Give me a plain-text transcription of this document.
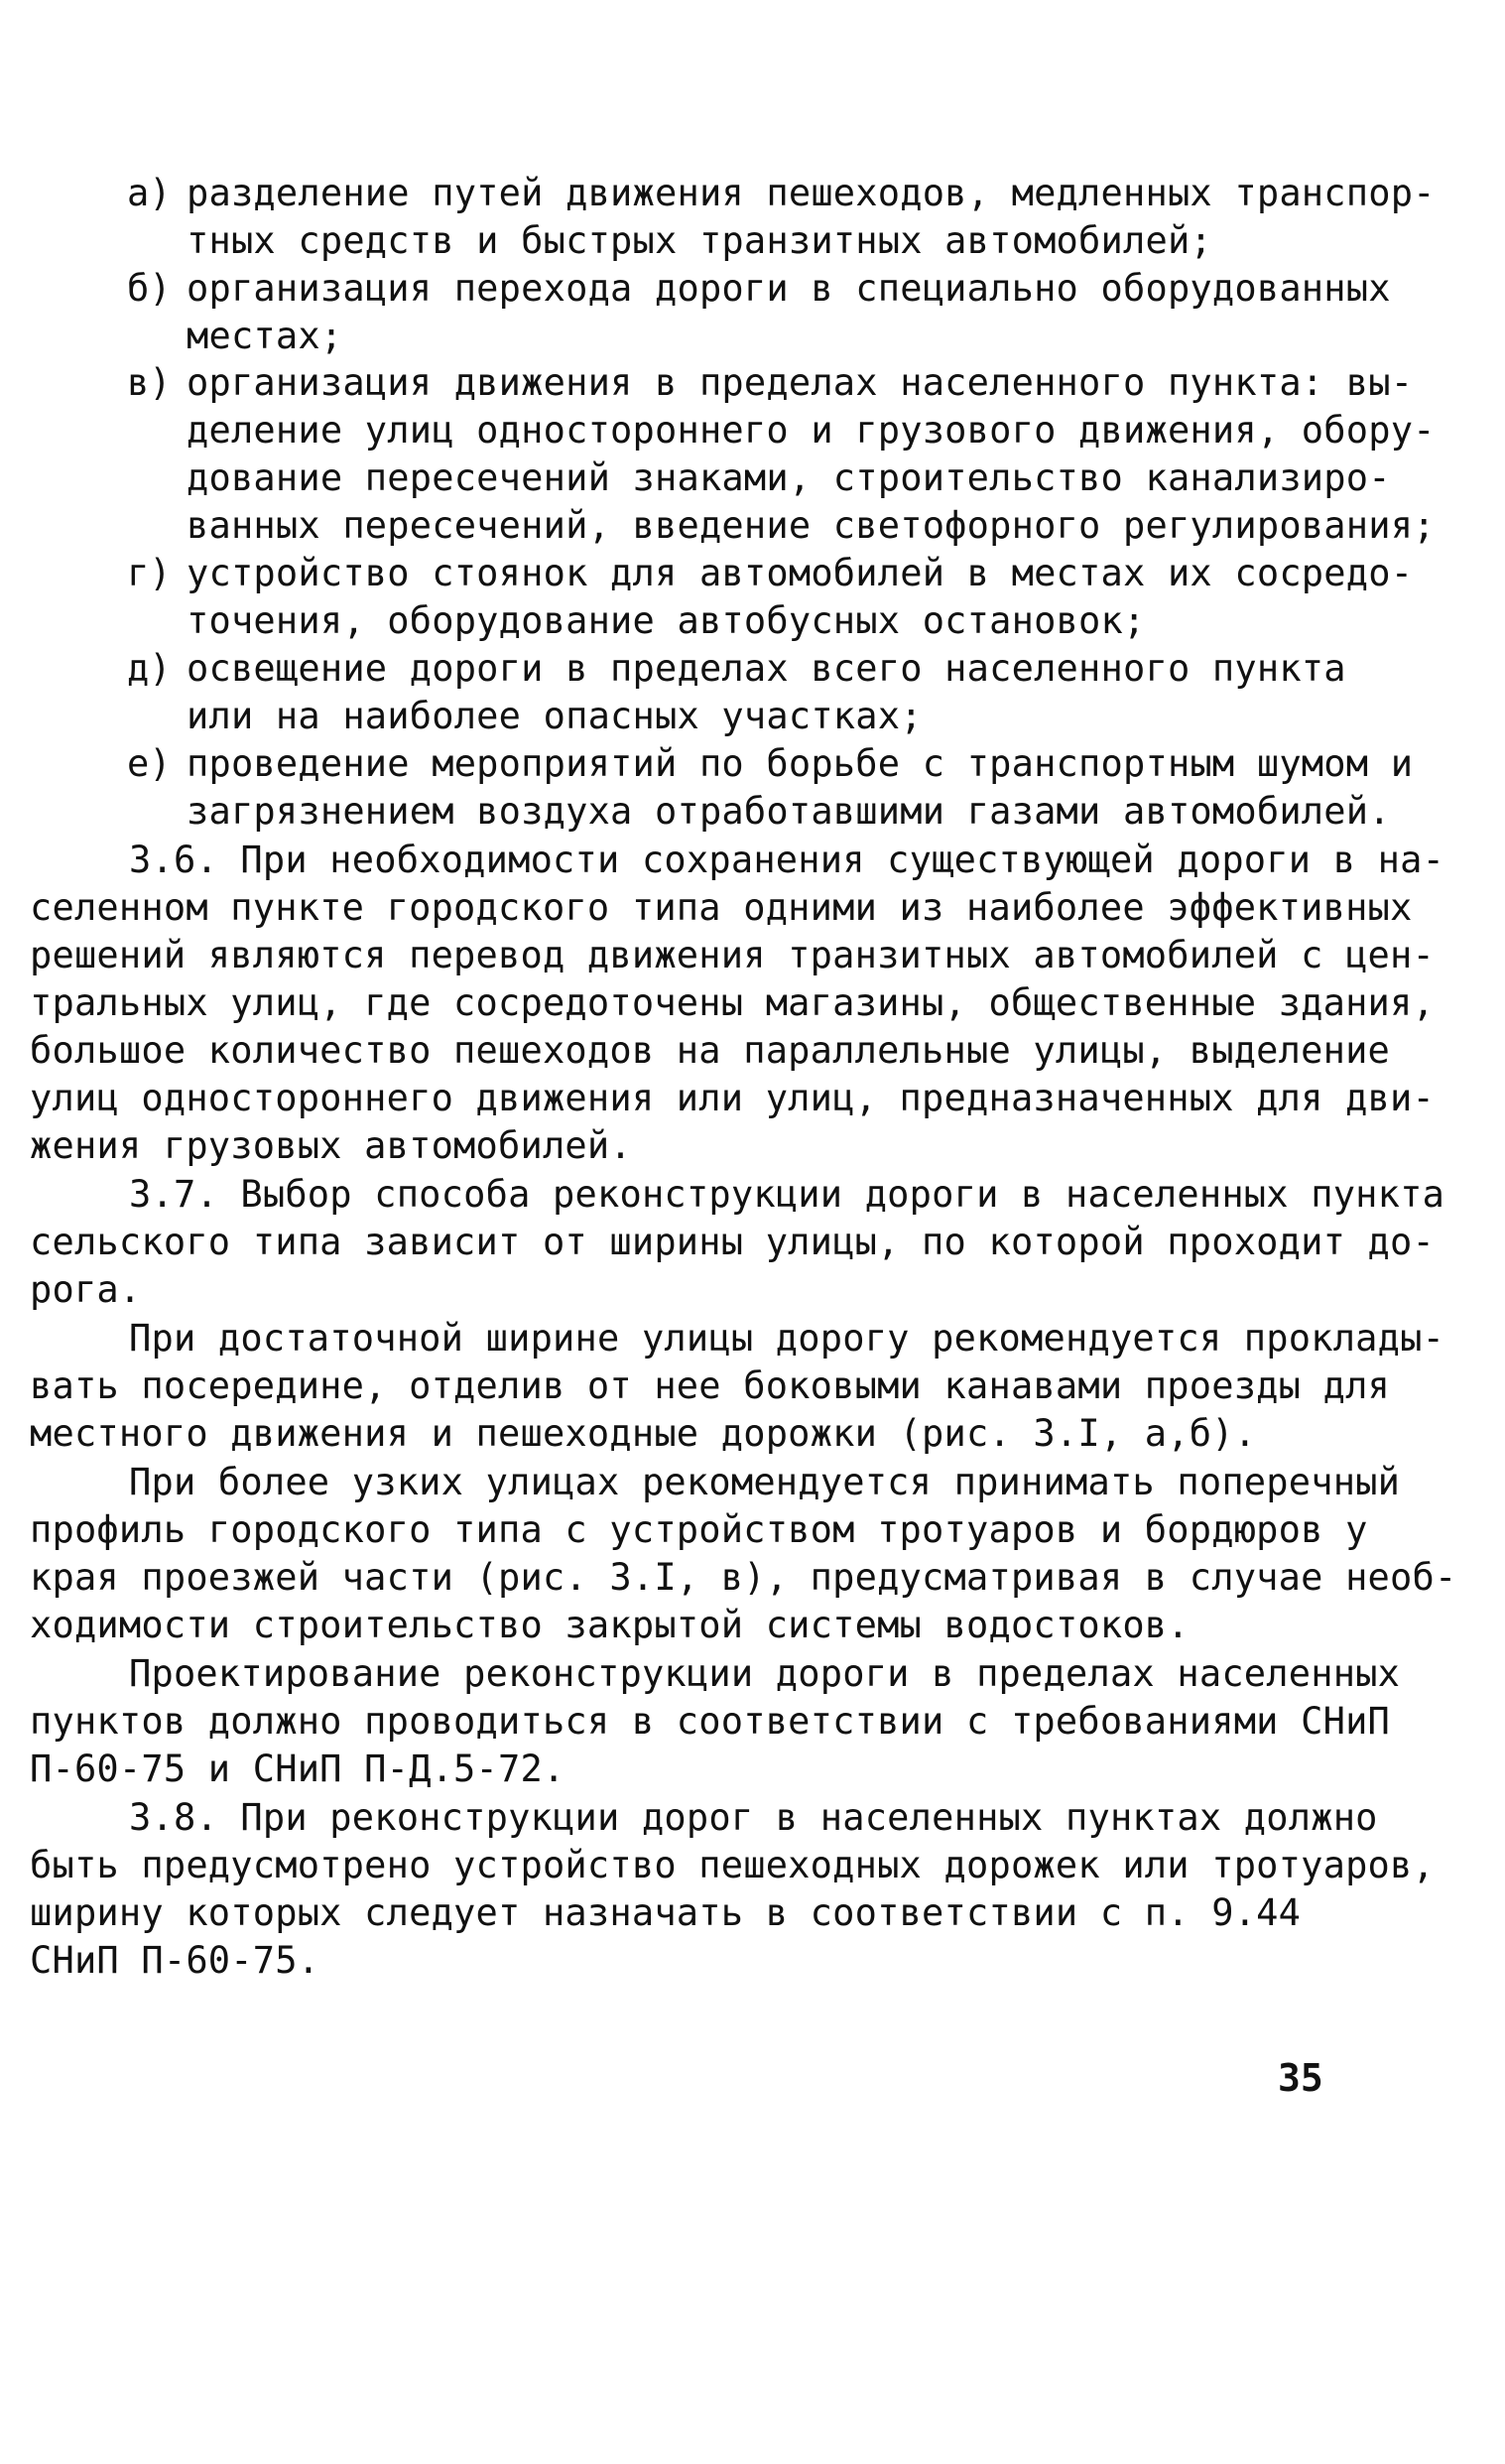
а) разделение путей движения пешеходов, медленных транспор-
тных средств и быстрых транзитных автомобилей;
б) организация перехода дороги в специально оборудованных
местах;
в) организация движения в пределах населенного пункта: вы-
деление улиц одностороннего и грузового движения, обору-
дование пересечений знаками, строительство канализиро-
ванных пересечений, введение светофорного регулирования;
г) устройство стоянок для автомобилей в местах их сосредо-
точения, оборудование автобусных остановок;
д) освещение дороги в пределах всего населенного пункта
или на наиболее опасных участках;
е) проведение мероприятий по борьбе с транспортным шумом и
загрязнением воздуха отработавшими газами автомобилей.
3.6. При необходимости сохранения существующей дороги в на-
селенном пункте городского типа одними из наиболее эффективных
решений являются перевод движения транзитных автомобилей с цен-
тральных улиц, где сосредоточены магазины, общественные здания,
большое количество пешеходов на параллельные улицы, выделение
улиц одностороннего движения или улиц, предназначенных для дви-
жения грузовых автомобилей.
3.7. Выбор способа реконструкции дороги в населенных пункта
сельского типа зависит от ширины улицы, по которой проходит до-
рога.
При достаточной ширине улицы дорогу рекомендуется проклады-
вать посередине, отделив от нее боковыми канавами проезды для
местного движения и пешеходные дорожки (рис. 3.I, а,б).
При более узких улицах рекомендуется принимать поперечный
профиль городского типа с устройством тротуаров и бордюров у
края проезжей части (рис. 3.I, в), предусматривая в случае необ-
ходимости строительство закрытой системы водостоков.
Проектирование реконструкции дороги в пределах населенных
пунктов должно проводиться в соответствии с требованиями СНиП
П-60-75 и СНиП П-Д.5-72.
3.8. При реконструкции дорог в населенных пунктах должно
быть предусмотрено устройство пешеходных дорожек или тротуаров,
ширину которых следует назначать в соответствии с п. 9.44
СНиП П-60-75.
35
